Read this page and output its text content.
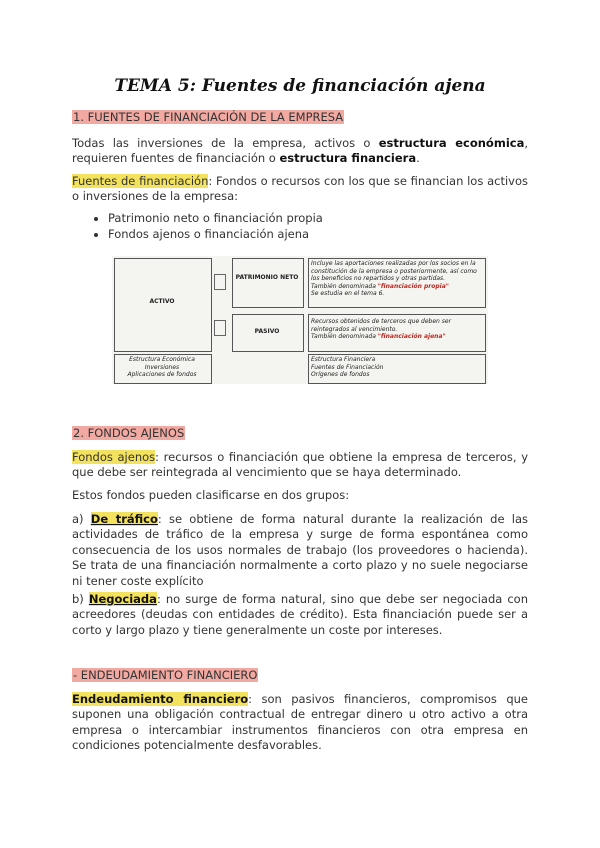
TEMA 5: Fuentes de financiación ajena
1. FUENTES DE FINANCIACIÓN DE LA EMPRESA
Todas las inversiones de la empresa, activos o estructura económica, requieren fuentes de financiación o estructura financiera.
Fuentes de financiación: Fondos o recursos con los que se financian los activos o inversiones de la empresa:
• Patrimonio neto o financiación propia
• Fondos ajenos o financiación ajena
ACTIVO
PATRIMONIO NETO
PASIVO
Incluye las aportaciones realizadas por los socios en la constitución de la empresa o posteriormente, así como los beneficios no repartidos y otras partidas.
También denominada "financiación propia"
Se estudia en el tema 6.
Recursos obtenidos de terceros que deben ser reintegrados al vencimiento.
También denominada "financiación ajena"
Estructura Económica
Inversiones
Aplicaciones de fondos
Estructura Financiera
Fuentes de Financiación
Orígenes de fondos
2. FONDOS AJENOS
Fondos ajenos: recursos o financiación que obtiene la empresa de terceros, y que debe ser reintegrada al vencimiento que se haya determinado.
Estos fondos pueden clasificarse en dos grupos:
a) De tráfico: se obtiene de forma natural durante la realización de las actividades de tráfico de la empresa y surge de forma espontánea como consecuencia de los usos normales de trabajo (los proveedores o hacienda). Se trata de una financiación normalmente a corto plazo y no suele negociarse ni tener coste explícito
b) Negociada: no surge de forma natural, sino que debe ser negociada con acreedores (deudas con entidades de crédito). Esta financiación puede ser a corto y largo plazo y tiene generalmente un coste por intereses.
- ENDEUDAMIENTO FINANCIERO
Endeudamiento financiero: son pasivos financieros, compromisos que suponen una obligación contractual de entregar dinero u otro activo a otra empresa o intercambiar instrumentos financieros con otra empresa en condiciones potencialmente desfavorables.
